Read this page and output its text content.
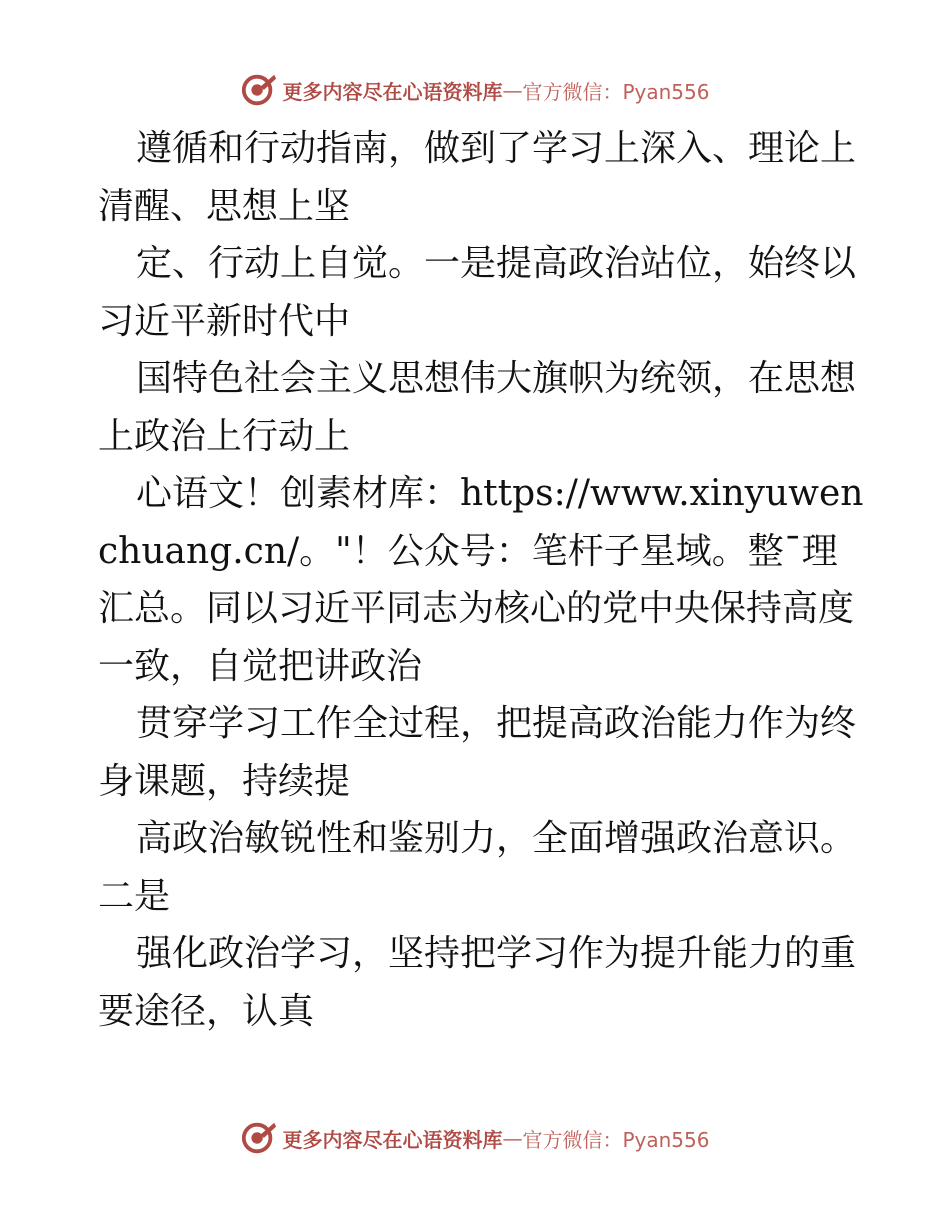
更多内容尽在心语资料库 — 官方微信：Pyan556

遵循和行动指南，做到了学习上深入、理论上清醒、思想上坚

定、行动上自觉。一是提高政治站位，始终以习近平新时代中

国特色社会主义思想伟大旗帜为统领，在思想上政治上行动上

心语文！创素材库：https://www.xinyuwenchuang.cn/。"！公众号：笔杆子星域。整¯理汇总。同以习近平同志为核心的党中央保持高度一致，自觉把讲政治

贯穿学习工作全过程，把提高政治能力作为终身课题，持续提

高政治敏锐性和鉴别力，全面增强政治意识。二是

强化政治学习，坚持把学习作为提升能力的重要途径，认真

更多内容尽在心语资料库 — 官方微信：Pyan556
